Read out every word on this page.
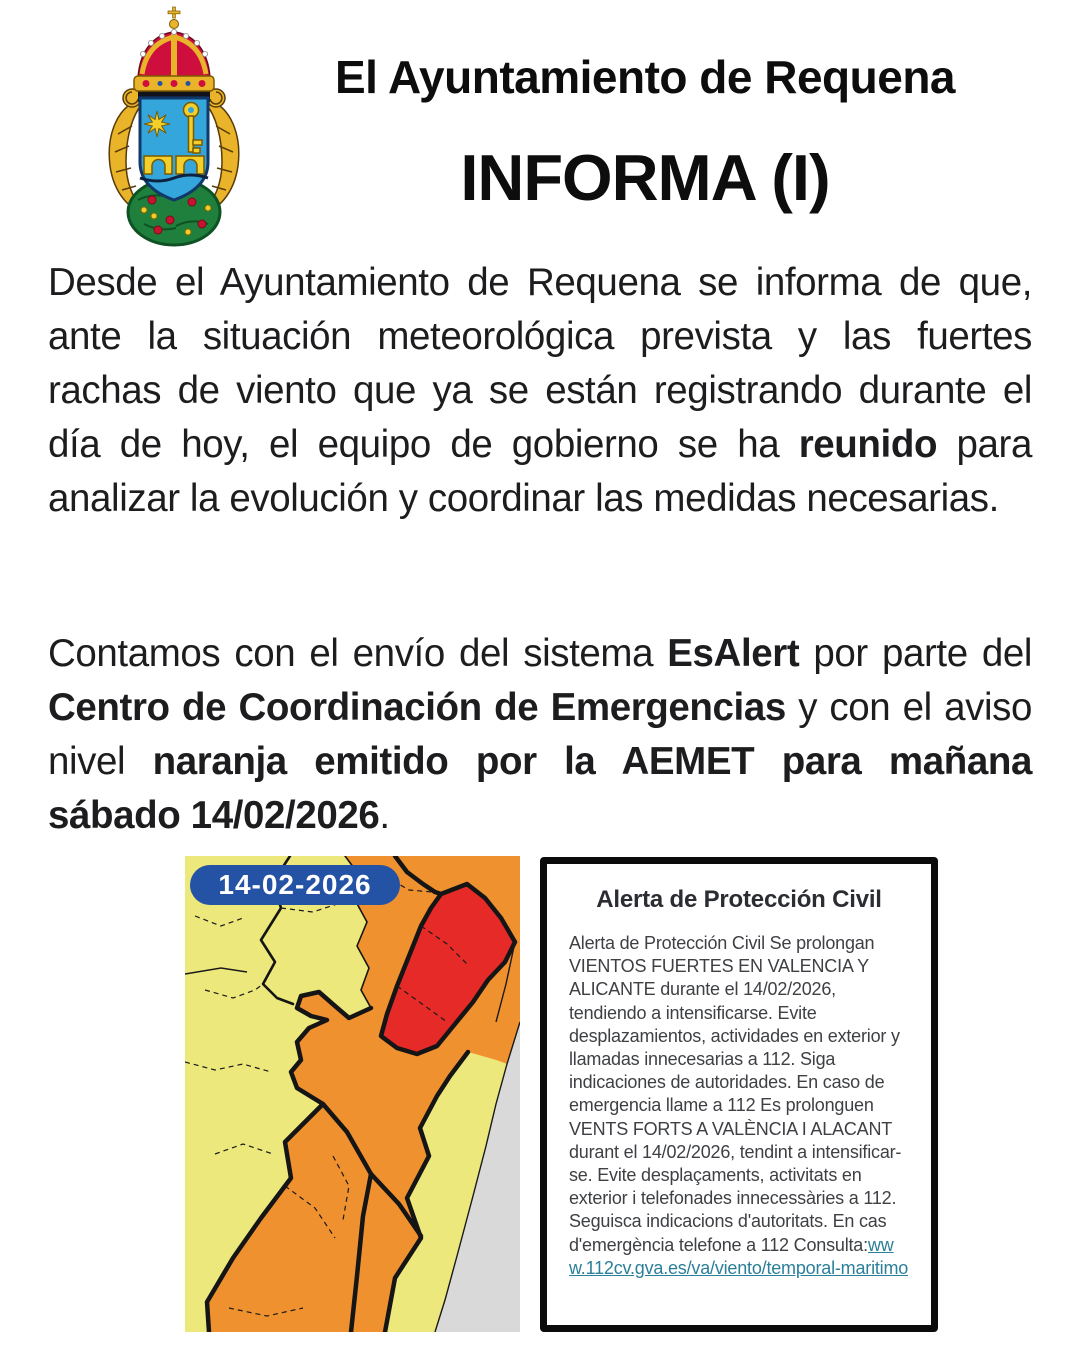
El Ayuntamiento de Requena
INFORMA (I)

Desde el Ayuntamiento de Requena se informa de que, ante la situación meteorológica prevista y las fuertes rachas de viento que ya se están registrando durante el día de hoy, el equipo de gobierno se ha reunido para analizar la evolución y coordinar las medidas necesarias.

Contamos con el envío del sistema EsAlert por parte del Centro de Coordinación de Emergencias y con el aviso nivel naranja emitido por la AEMET para mañana sábado 14/02/2026.

14-02-2026	Alerta de Protección Civil

Alerta de Protección Civil Se prolongan VIENTOS FUERTES EN VALENCIA Y ALICANTE durante el 14/02/2026, tendiendo a intensificarse. Evite desplazamientos, actividades en exterior y llamadas innecesarias a 112. Siga indicaciones de autoridades. En caso de emergencia llame a 112 Es prolonguen VENTS FORTS A VALÈNCIA I ALACANT durant el 14/02/2026, tendint a intensificar-se. Evite desplaçaments, activitats en exterior i telefonades innecessàries a 112. Seguisca indicacions d'autoritats. En cas d'emergència telefone a 112 Consulta:www.112cv.gva.es/va/viento/temporal-maritimo
